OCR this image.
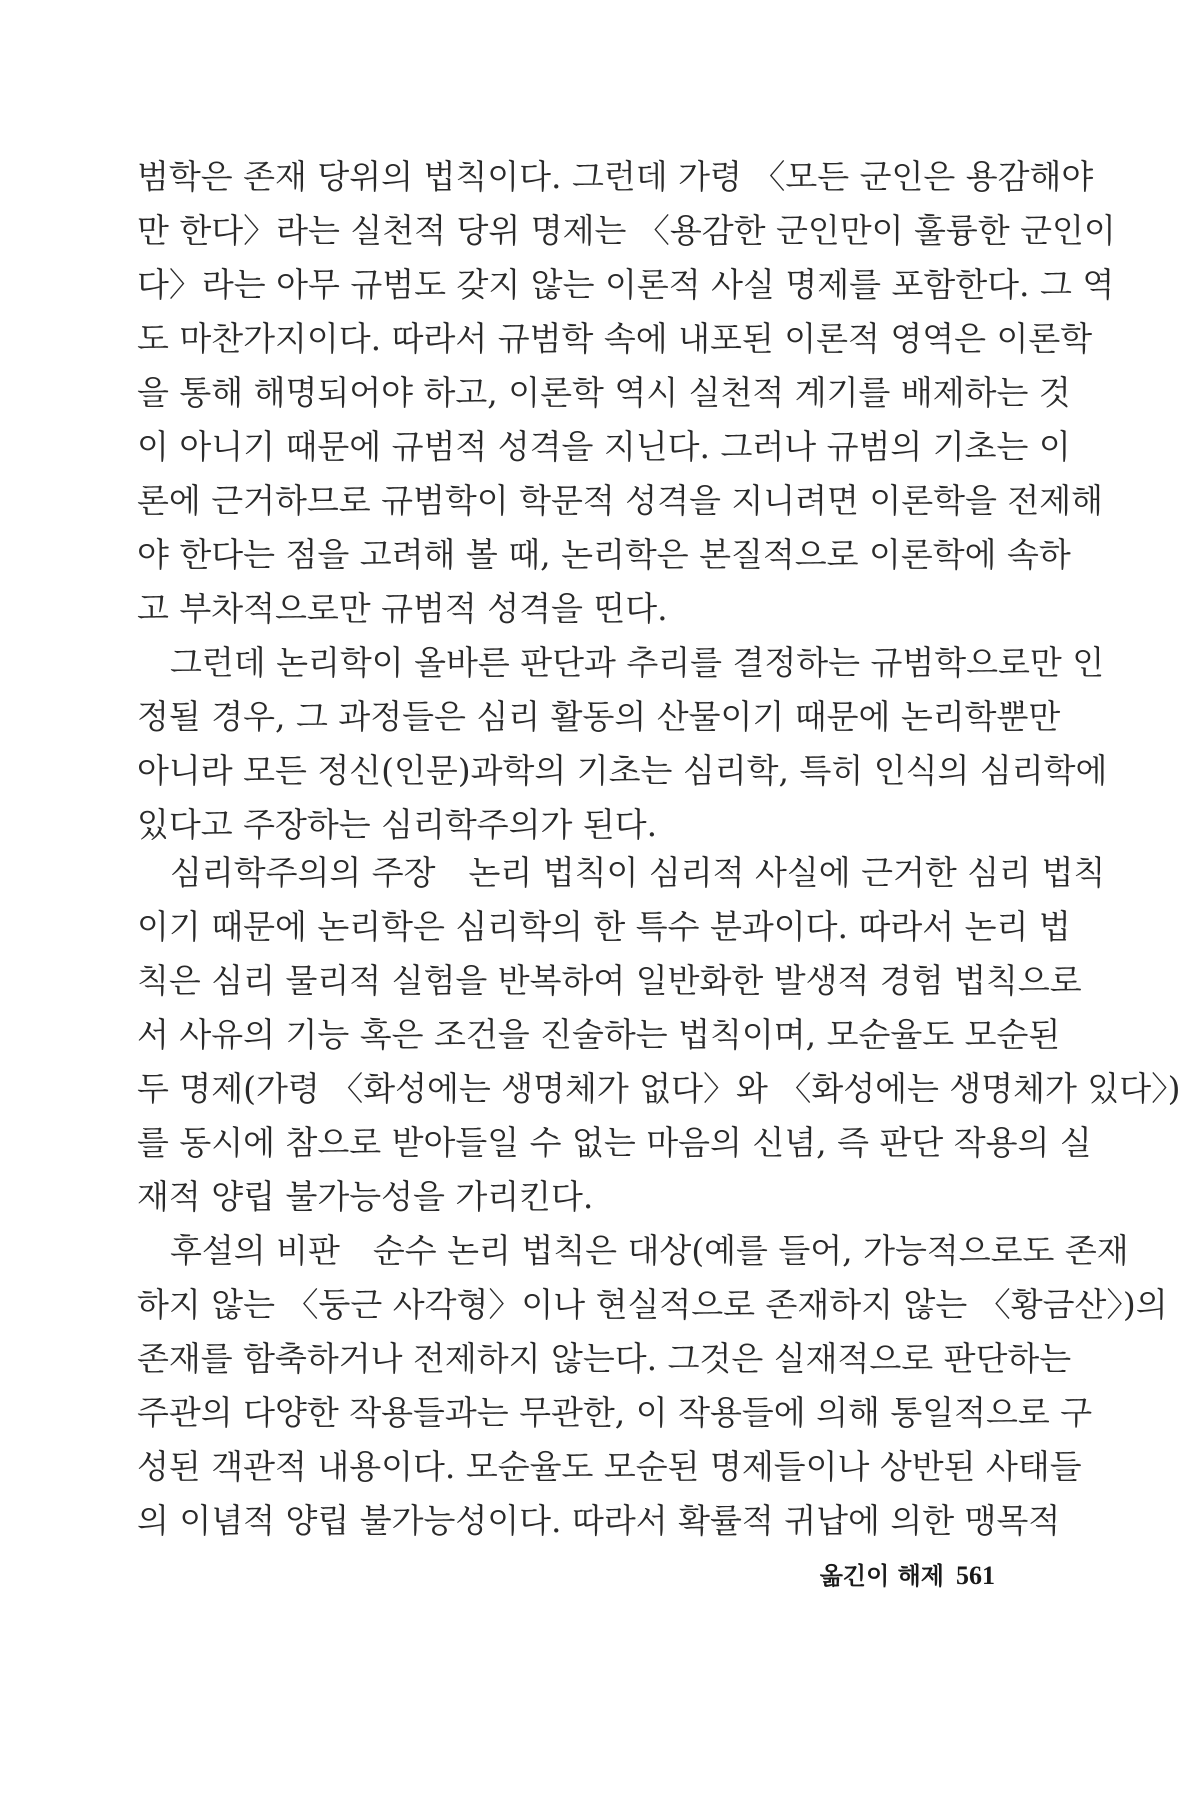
범학은 존재 당위의 법칙이다. 그런데 가령 〈모든 군인은 용감해야
만 한다〉라는 실천적 당위 명제는 〈용감한 군인만이 훌륭한 군인이
다〉라는 아무 규범도 갖지 않는 이론적 사실 명제를 포함한다. 그 역
도 마찬가지이다. 따라서 규범학 속에 내포된 이론적 영역은 이론학
을 통해 해명되어야 하고, 이론학 역시 실천적 계기를 배제하는 것
이 아니기 때문에 규범적 성격을 지닌다. 그러나 규범의 기초는 이
론에 근거하므로 규범학이 학문적 성격을 지니려면 이론학을 전제해
야 한다는 점을 고려해 볼 때, 논리학은 본질적으로 이론학에 속하
고 부차적으로만 규범적 성격을 띤다.
　그런데 논리학이 올바른 판단과 추리를 결정하는 규범학으로만 인
정될 경우, 그 과정들은 심리 활동의 산물이기 때문에 논리학뿐만
아니라 모든 정신(인문)과학의 기초는 심리학, 특히 인식의 심리학에
있다고 주장하는 심리학주의가 된다.
　심리학주의의 주장　논리 법칙이 심리적 사실에 근거한 심리 법칙
이기 때문에 논리학은 심리학의 한 특수 분과이다. 따라서 논리 법
칙은 심리 물리적 실험을 반복하여 일반화한 발생적 경험 법칙으로
서 사유의 기능 혹은 조건을 진술하는 법칙이며, 모순율도 모순된
두 명제(가령 〈화성에는 생명체가 없다〉와 〈화성에는 생명체가 있다〉)
를 동시에 참으로 받아들일 수 없는 마음의 신념, 즉 판단 작용의 실
재적 양립 불가능성을 가리킨다.
　후설의 비판　순수 논리 법칙은 대상(예를 들어, 가능적으로도 존재
하지 않는 〈둥근 사각형〉이나 현실적으로 존재하지 않는 〈황금산〉)의
존재를 함축하거나 전제하지 않는다. 그것은 실재적으로 판단하는
주관의 다양한 작용들과는 무관한, 이 작용들에 의해 통일적으로 구
성된 객관적 내용이다. 모순율도 모순된 명제들이나 상반된 사태들
의 이념적 양립 불가능성이다. 따라서 확률적 귀납에 의한 맹목적
옮긴이 해제 561
